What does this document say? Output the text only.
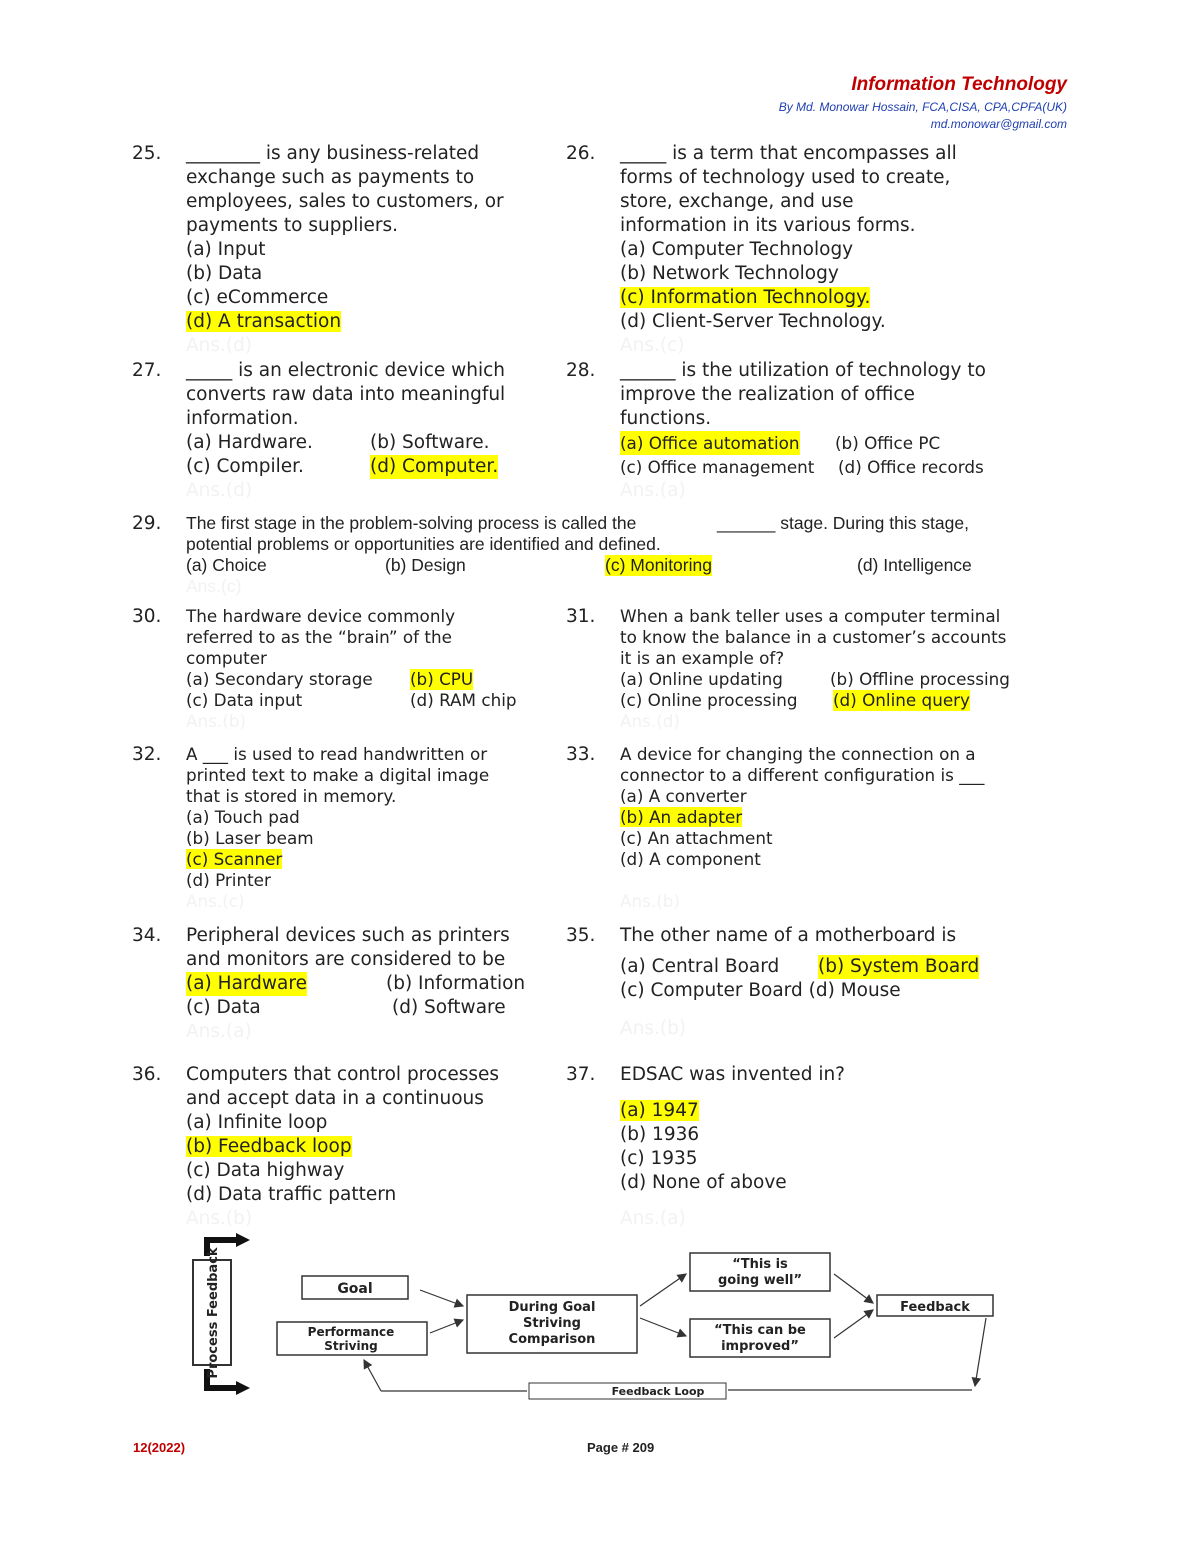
Information Technology
By Md. Monowar Hossain, FCA,CISA, CPA,CPFA(UK)
md.monowar@gmail.com
25. ________ is any business-related
exchange such as payments to
employees, sales to customers, or
payments to suppliers.
(a) Input
(b) Data
(c) eCommerce
(d) A transaction
Ans.(d)
26. _____ is a term that encompasses all
forms of technology used to create,
store, exchange, and use
information in its various forms.
(a) Computer Technology
(b) Network Technology
(c) Information Technology.
(d) Client-Server Technology.
Ans.(c)
27. _____ is an electronic device which
converts raw data into meaningful
information.
(a) Hardware.	(b) Software.
(c) Compiler.	(d) Computer.
Ans.(d)
28. ______ is the utilization of technology to
improve the realization of office
functions.
(a) Office automation (b) Office PC
(c) Office management (d) Office records
Ans.(a)
29. The first stage in the problem-solving process is called the	______ stage. During this stage,
potential problems or opportunities are identified and defined.
(a) Choice	(b) Design	(c) Monitoring	(d) Intelligence
Ans.(c)
30. The hardware device commonly
referred to as the “brain” of the
computer
(a) Secondary storage (b) CPU
(c) Data input	(d) RAM chip
Ans.(b)
31. When a bank teller uses a computer terminal
to know the balance in a customer’s accounts
it is an example of?
(a) Online updating	(b) Offline processing
(c) Online processing (d) Online query
Ans.(d)
32. A ___ is used to read handwritten or
printed text to make a digital image
that is stored in memory.
(a) Touch pad
(b) Laser beam
(c) Scanner
(d) Printer
Ans.(c)
33. A device for changing the connection on a
connector to a different configuration is ___
(a) A converter
(b) An adapter
(c) An attachment
(d) A component
Ans.(b)
34. Peripheral devices such as printers
and monitors are considered to be
(a) Hardware	(b) Information
(c) Data	(d) Software
Ans.(a)
35. The other name of a motherboard is
(a) Central Board (b) System Board
(c) Computer Board (d) Mouse
Ans.(b)
36. Computers that control processes
and accept data in a continuous
(a) Infinite loop
(b) Feedback loop
(c) Data highway
(d) Data traffic pattern
Ans.(b)
37. EDSAC was invented in?
(a) 1947
(b) 1936
(c) 1935
(d) None of above
Ans.(a)
Process Feedback	Goal
Performance
Striving
During Goal
Striving
Comparison
“This is
going well”
“This can be
improved”
Feedback
Feedback Loop
12(2022)	Page # 209
